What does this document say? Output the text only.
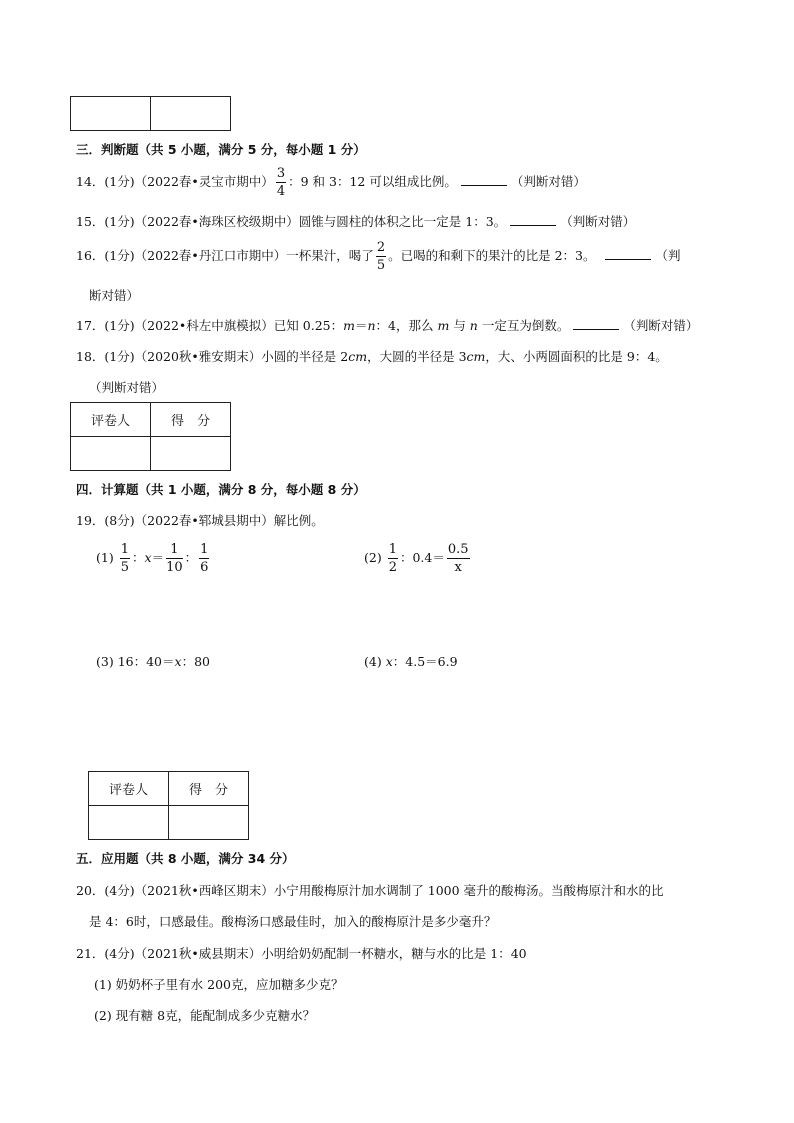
三．判断题（共 5 小题，满分 5 分，每小题 1 分）
14．(1分)（2022春•灵宝市期中） $\frac{3}{4}$ ：9 和 3：12 可以组成比例。	（判断对错）
15．(1分)（2022春•海珠区校级期中）圆锥与圆柱的体积之比一定是 1：3。	（判断对错）
16．(1分)（2022春•丹江口市期中）一杯果汁，喝了 $\frac{2}{5}$ 。已喝的和剩下的果汁的比是 2：3。	（判
断对错）
17．(1分)（2022•科左中旗模拟）已知 0.25：m＝n：4，那么 m 与 n 一定互为倒数。	（判断对错）
18．(1分)（2020秋•雅安期末）小圆的半径是 2cm，大圆的半径是 3cm，大、小两圆面积的比是 9：4。
（判断对错）
评卷人	得　分

四．计算题（共 1 小题，满分 8 分，每小题 8 分）
19．(8分)（2022春•郓城县期中）解比例。
$(1) \frac{1}{5}$ ：$x= \frac{1}{10}$ ： $\frac{1}{6}$	$(2) \frac{1}{2}$ ：$0.4= \frac{0.5}{x}$
(3) 16：40＝x：80	(4) x：4.5＝6.9
评卷人	得　分

五．应用题（共 8 小题，满分 34 分）
20．(4分)（2021秋•西峰区期末）小宁用酸梅原汁加水调制了 1000 毫升的酸梅汤。当酸梅原汁和水的比
是 4：6时，口感最佳。酸梅汤口感最佳时，加入的酸梅原汁是多少毫升？
21．(4分)（2021秋•威县期末）小明给奶奶配制一杯糖水，糖与水的比是 1：40
(1) 奶奶杯子里有水 200克，应加糖多少克？
(2) 现有糖 8克，能配制成多少克糖水？
